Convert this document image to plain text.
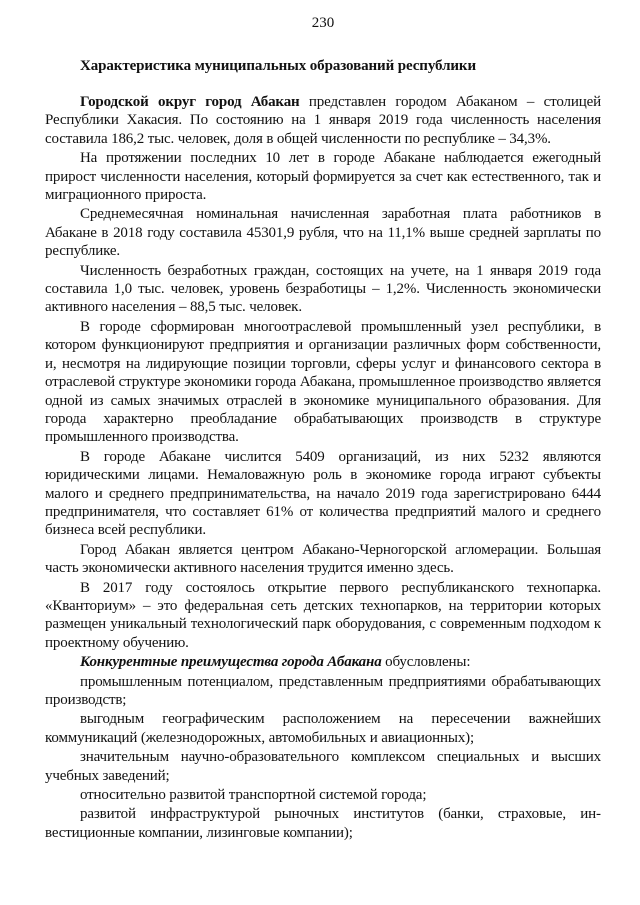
230
Характеристика муниципальных образований республики

Городской округ город Абакан представлен городом Абаканом – столицей Республики Хакасия. По состоянию на 1 января 2019 года численность населения составила 186,2 тыс. человек, доля в общей численности по республике – 34,3%.

На протяжении последних 10 лет в городе Абакане наблюдается ежегодный прирост численности населения, который формируется за счет как естественного, так и миграционного прироста.

Среднемесячная номинальная начисленная заработная плата работников в Абакане в 2018 году составила 45301,9 рубля, что на 11,1% выше средней зарплаты по республике.

Численность безработных граждан, состоящих на учете, на 1 января 2019 года составила 1,0 тыс. человек, уровень безработицы – 1,2%. Численность экономически активного населения – 88,5 тыс. человек.

В городе сформирован многоотраслевой промышленный узел республики, в котором функционируют предприятия и организации различных форм собственности, и, несмотря на лидирующие позиции торговли, сферы услуг и финансового сектора в отраслевой структуре экономики города Абакана, промышленное производство является одной из самых значимых отраслей в экономике муниципального образования. Для города характерно преобладание обрабатывающих производств в структуре промышленного производства.

В городе Абакане числится 5409 организаций, из них 5232 являются юридическими лицами. Немаловажную роль в экономике города играют субъекты малого и среднего предпринимательства, на начало 2019 года зарегистрировано 6444 предпринимателя, что составляет 61% от количества предприятий малого и среднего бизнеса всей республики.

Город Абакан является центром Абакано-Черногорской агломерации. Большая часть экономически активного населения трудится именно здесь.

В 2017 году состоялось открытие первого республиканского технопарка. «Кванториум» – это федеральная сеть детских технопарков, на территории которых размещен уникальный технологический парк оборудования, с современным подходом к проектному обучению.

Конкурентные преимущества города Абакана обусловлены:

промышленным потенциалом, представленным предприятиями обрабатывающих производств;

выгодным географическим расположением на пересечении важнейших коммуникаций (железнодорожных, автомобильных и авиационных);

значительным научно-образовательного комплексом специальных и высших учебных заведений;

относительно развитой транспортной системой города;

развитой инфраструктурой рыночных институтов (банки, страховые, инвестиционные компании, лизинговые компании);
